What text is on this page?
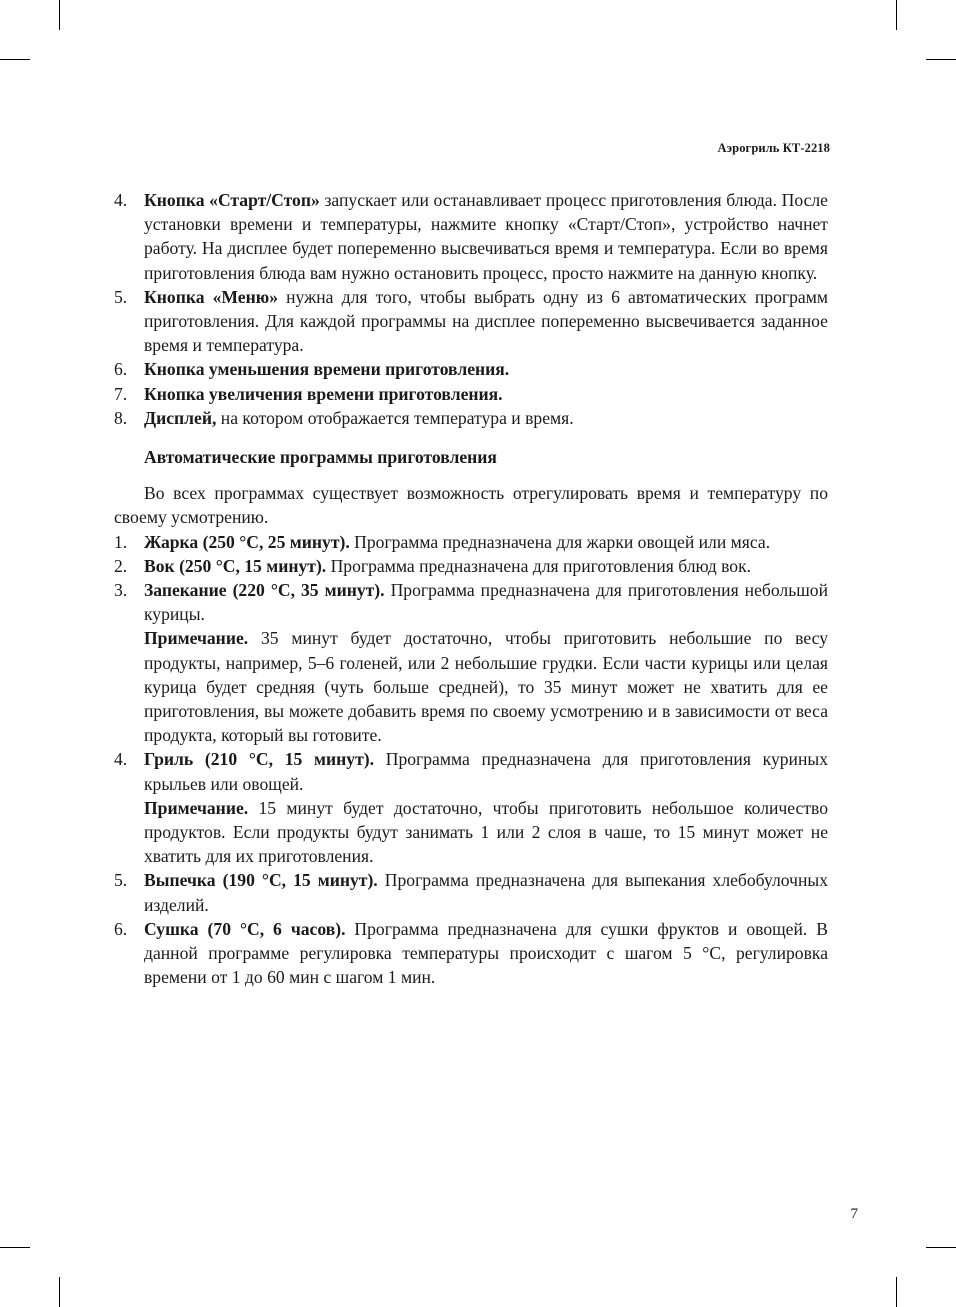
Аэрогриль КТ-2218
4. Кнопка «Старт/Стоп» запускает или останавливает процесс приготовления блюда. После установки времени и температуры, нажмите кнопку «Старт/Стоп», устройство начнет работу. На дисплее будет попеременно высвечиваться время и температура. Если во время приготовления блюда вам нужно остановить процесс, просто нажмите на данную кнопку.

5. Кнопка «Меню» нужна для того, чтобы выбрать одну из 6 автоматических программ приготовления. Для каждой программы на дисплее попеременно высвечивается заданное время и температура.

6. Кнопка уменьшения времени приготовления.

7. Кнопка увеличения времени приготовления.

8. Дисплей, на котором отображается температура и время.

Автоматические программы приготовления

Во всех программах существует возможность отрегулировать время и температуру по своему усмотрению.

1. Жарка (250 °С, 25 минут). Программа предназначена для жарки овощей или мяса.

2. Вок (250 °С, 15 минут). Программа предназначена для приготовления блюд вок.

3. Запекание (220 °С, 35 минут). Программа предназначена для приготовления небольшой курицы.

Примечание. 35 минут будет достаточно, чтобы приготовить небольшие по весу продукты, например, 5–6 голеней, или 2 небольшие грудки. Если части курицы или целая курица будет средняя (чуть больше средней), то 35 минут может не хватить для ее приготовления, вы можете добавить время по своему усмотрению и в зависимости от веса продукта, который вы готовите.

4. Гриль (210 °С, 15 минут). Программа предназначена для приготовления куриных крыльев или овощей.

Примечание. 15 минут будет достаточно, чтобы приготовить небольшое количество продуктов. Если продукты будут занимать 1 или 2 слоя в чаше, то 15 минут может не хватить для их приготовления.

5. Выпечка (190 °С, 15 минут). Программа предназначена для выпекания хлебобулочных изделий.

6. Сушка (70 °С, 6 часов). Программа предназначена для сушки фруктов и овощей. В данной программе регулировка температуры происходит с шагом 5 °С, регулировка времени от 1 до 60 мин с шагом 1 мин.

7
